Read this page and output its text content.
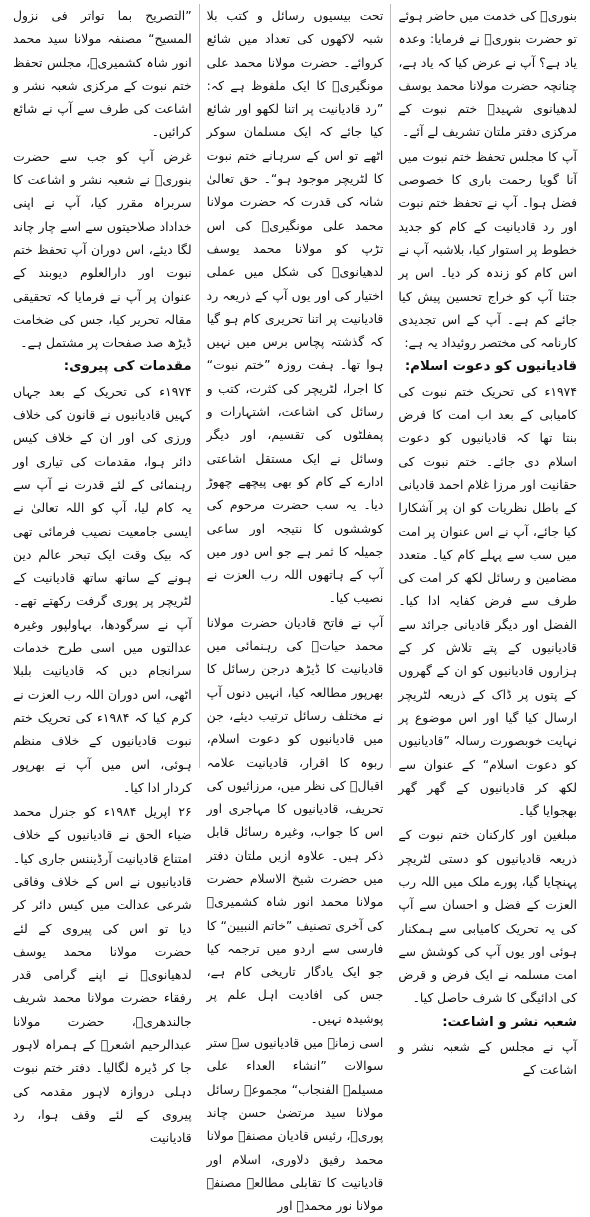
بنوریؒ کی خدمت میں حاضر ہوئے تو حضرت بنوریؒ نے فرمایا: وعدہ یاد ہے؟ آپ نے عرض کیا کہ یاد ہے، چنانچہ حضرت مولانا محمد یوسف لدھیانوی شہیدؒ ختم نبوت کے مرکزی دفتر ملتان تشریف لے آئے۔

آپ کا مجلس تحفظ ختم نبوت میں آنا گویا رحمت باری کا خصوصی فضل ہوا۔ آپ نے تحفظ ختم نبوت اور رد قادیانیت کے کام کو جدید خطوط پر استوار کیا، بلاشبہ آپ نے اس کام کو زندہ کر دیا۔ اس پر جتنا آپ کو خراج تحسین پیش کیا جائے کم ہے۔ آپ کے اس تجدیدی کارنامہ کی مختصر روئیداد یہ ہے:

قادیانیوں کو دعوت اسلام:

۱۹۷۴ء کی تحریک ختم نبوت کی کامیابی کے بعد اب امت کا فرض بنتا تھا کہ قادیانیوں کو دعوت اسلام دی جائے۔ ختم نبوت کی حقانیت اور مرزا غلام احمد قادیانی کے باطل نظریات کو ان پر آشکارا کیا جائے، آپ نے اس عنوان پر امت میں سب سے پہلے کام کیا۔ متعدد مضامین و رسائل لکھ کر امت کی طرف سے فرض کفایہ ادا کیا۔ الفضل اور دیگر قادیانی جرائد سے قادیانیوں کے پتے تلاش کر کے ہزاروں قادیانیوں کو ان کے گھروں کے پتوں پر ڈاک کے ذریعہ لٹریچر ارسال کیا گیا اور اس موضوع پر نہایت خوبصورت رسالہ ”قادیانیوں کو دعوت اسلام“ کے عنوان سے لکھ کر قادیانیوں کے گھر گھر بھجوایا گیا۔

مبلغین اور کارکنان ختم نبوت کے ذریعہ قادیانیوں کو دستی لٹریچر پہنچایا گیا، پورے ملک میں اللہ رب العزت کے فضل و احسان سے آپ کی یہ تحریک کامیابی سے ہمکنار ہوئی اور یوں آپ کی کوشش سے امت مسلمہ نے ایک فرض و قرض کی ادائیگی کا شرف حاصل کیا۔

شعبہ نشر و اشاعت:

آپ نے مجلس کے شعبہ نشر و اشاعت کے

تحت بیسیوں رسائل و کتب بلا شبہ لاکھوں کی تعداد میں شائع کروائے۔ حضرت مولانا محمد علی مونگیریؒ کا ایک ملفوظ ہے کہ: ”رد قادیانیت پر اتنا لکھو اور شائع کیا جائے کہ ایک مسلمان سوکر اٹھے تو اس کے سرہانے ختم نبوت کا لٹریچر موجود ہو“۔ حق تعالیٰ شانہ کی قدرت کہ حضرت مولانا محمد علی مونگیریؒ کی اس تڑپ کو مولانا محمد یوسف لدھیانویؒ کی شکل میں عملی اختیار کی اور یوں آپ کے ذریعہ رد قادیانیت پر اتنا تحریری کام ہو گیا کہ گذشتہ پچاس برس میں نہیں ہوا تھا۔ ہفت روزہ ”ختم نبوت“ کا اجرا، لٹریچر کی کثرت، کتب و رسائل کی اشاعت، اشتہارات و پمفلٹوں کی تقسیم، اور دیگر وسائل نے ایک مستقل اشاعتی ادارے کے کام کو بھی پیچھے چھوڑ دیا۔ یہ سب حضرت مرحوم کی کوششوں کا نتیجہ اور ساعی جمیلہ کا ثمر ہے جو اس دور میں آپ کے ہاتھوں اللہ رب العزت نے نصیب کیا۔

آپ نے فاتح قادیان حضرت مولانا محمد حیاتؒ کی رہنمائی میں قادیانیت کا ڈیڑھ درجن رسائل کا بھرپور مطالعہ کیا، انہیں دنوں آپ نے مختلف رسائل ترتیب دیئے، جن میں قادیانیوں کو دعوت اسلام، ربوہ کا اقرار، قادیانیت علامہ اقبالؒ کی نظر میں، مرزائیوں کی تحریف، قادیانیوں کا مہاجری اور اس کا جواب، وغیرہ رسائل قابل ذکر ہیں۔ علاوہ ازیں ملتان دفتر میں حضرت شیخ الاسلام حضرت مولانا محمد انور شاہ کشمیریؒ کی آخری تصنیف ”خاتم النبیین“ کا فارسی سے اردو میں ترجمہ کیا جو ایک یادگار تاریخی کام ہے، جس کی افادیت اہل علم پر پوشیدہ نہیں۔

اسی زمانہ میں قادیانیوں سے ستر سوالات ”انشاء العداء علی مسیلمۃ الفنجاب“ مجموعہ رسائل مولانا سید مرتضیٰ حسن چاند پوریؒ، رئیس قادیان مصنفہ مولانا محمد رفیق دلاوری، اسلام اور قادیانیت کا تقابلی مطالعہ مصنفہ مولانا نور محمدؒ اور

”التصریح بما تواتر فی نزول المسیح“ مصنفہ مولانا سید محمد انور شاہ کشمیریؒ، مجلس تحفظ ختم نبوت کے مرکزی شعبہ نشر و اشاعت کی طرف سے آپ نے شائع کرائیں۔

غرض آپ کو جب سے حضرت بنوریؒ نے شعبہ نشر و اشاعت کا سربراہ مقرر کیا، آپ نے اپنی خداداد صلاحیتوں سے اسے چار چاند لگا دیئے، اس دوران آپ تحفظ ختم نبوت اور دارالعلوم دیوبند کے عنوان پر آپ نے فرمایا کہ تحقیقی مقالہ تحریر کیا، جس کی ضخامت ڈیڑھ صد صفحات پر مشتمل ہے۔

مقدمات کی پیروی:

۱۹۷۴ء کی تحریک کے بعد جہاں کہیں قادیانیوں نے قانون کی خلاف ورزی کی اور ان کے خلاف کیس دائر ہوا، مقدمات کی تیاری اور رہنمائی کے لئے قدرت نے آپ سے یہ کام لیا، آپ کو اللہ تعالیٰ نے ایسی جامعیت نصیب فرمائی تھی کہ بیک وقت ایک تبحر عالم دین ہونے کے ساتھ ساتھ قادیانیت کے لٹریچر پر پوری گرفت رکھتے تھے۔ آپ نے سرگودھا، بہاولپور وغیرہ عدالتوں میں اسی طرح خدمات سرانجام دیں کہ قادیانیت بلبلا اٹھی، اس دوران اللہ رب العزت نے کرم کیا کہ ۱۹۸۴ء کی تحریک ختم نبوت قادیانیوں کے خلاف منظم ہوئی، اس میں آپ نے بھرپور کردار ادا کیا۔

۲۶ اپریل ۱۹۸۴ء کو جنرل محمد ضیاء الحق نے قادیانیوں کے خلاف امتناع قادیانیت آرڈیننس جاری کیا۔ قادیانیوں نے اس کے خلاف وفاقی شرعی عدالت میں کیس دائر کر دیا تو اس کی پیروی کے لئے حضرت مولانا محمد یوسف لدھیانویؒ نے اپنے گرامی قدر رفقاء حضرت مولانا محمد شریف جالندھریؒ، حضرت مولانا عبدالرحیم اشعرؒ کے ہمراہ لاہور جا کر ڈیرہ لگالیا۔ دفتر ختم نبوت دہلی دروازہ لاہور مقدمہ کی پیروی کے لئے وقف ہوا، رد قادیانیت
